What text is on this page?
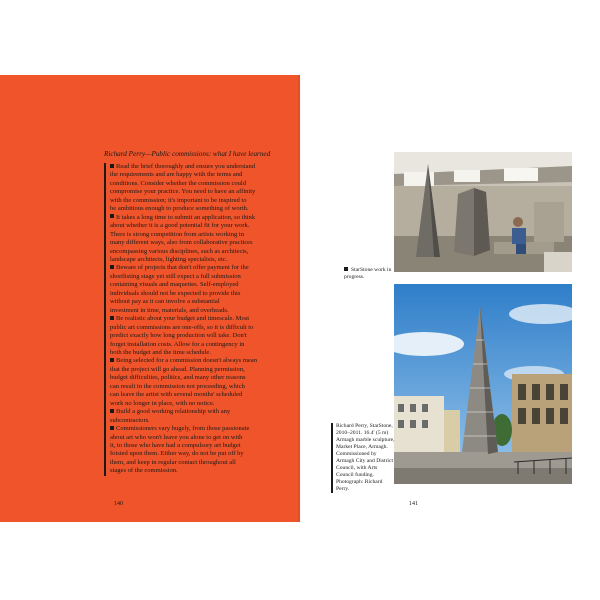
Richard Perry—Public commissions: what I have learned
Read the brief thoroughly and ensure you understand
the requirements and are happy with the terms and
conditions. Consider whether the commission could
compromise your practice. You need to have an affinity
with the commission; it's important to be inspired to
be ambitious enough to produce something of worth.
It takes a long time to submit an application, so think
about whether it is a good potential fit for your work.
There is strong competition from artists working in
many different ways, also from collaborative practices
encompassing various disciplines, such as architects,
landscape architects, lighting specialists, etc.
Beware of projects that don't offer payment for the
shortlisting stage yet still expect a full submission
containing visuals and maquettes. Self-employed
individuals should not be expected to provide this
without pay as it can involve a substantial
investment in time, materials, and overheads.
Be realistic about your budget and timescale. Most
public art commissions are one-offs, so it is difficult to
predict exactly how long production will take. Don't
forget installation costs. Allow for a contingency in
both the budget and the time schedule.
Being selected for a commission doesn't always mean
that the project will go ahead. Planning permission,
budget difficulties, politics, and many other reasons
can result in the commission not proceeding, which
can leave the artist with several months' scheduled
work no longer in place, with no notice.
Build a good working relationship with any
subcontractors.
Commissioners vary hugely, from those passionate
about art who won't leave you alone to get on with
it, to those who have had a compulsory art budget
foisted upon them. Either way, do not be put off by
them, and keep in regular contact throughout all
stages of the commission.
140
StarStone work in progress.
Richard Perry, StarStone,
2010–2011. 16.4' (5 m)
Armagh marble sculpture,
Market Place, Armagh.
Commissioned by
Armagh City and District
Council, with Arts
Council funding.
Photograph: Richard Perry.
141
